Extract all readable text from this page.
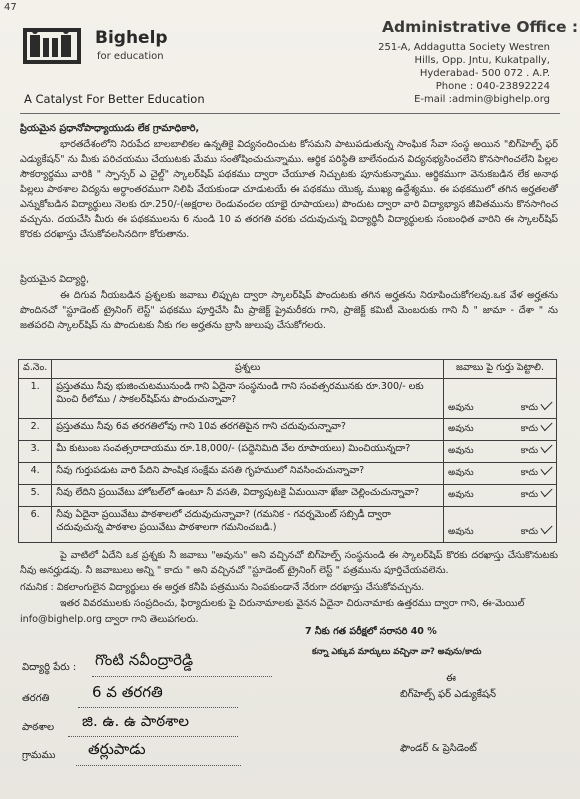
47
Bighelp
for education
A Catalyst For Better Education
Administrative Office :
251-A, Addagutta Society Westren
Hills, Opp. Jntu, Kukatpally,
Hyderabad- 500 072 . A.P.
Phone : 040-23892224
E-mail :admin@bighelp.org
ప్రియమైన ప్రధానోపాధ్యాయుడు లేక గ్రామాధికారి,
భారతదేశంలోని నిరుపేద బాలబాలికల ఉన్నతికై విద్యనందించుట కోసమని పాటుపడుతున్న సాంఘిక సేవా సంస్థ అయిన "బిగ్‌హెల్ప్ ఫర్ ఎడ్యుకేషన్" ను మీకు పరిచయము చేయుటకు మేము సంతోషించుచున్నాము. ఆర్థిక పరిస్థితి బాలేనందున విద్యనభ్యసించలేని కొనసాగించలేని పిల్లల సౌకర్యార్థము వారికి " స్పాన్సర్ ఎ చైల్డ్" స్కాలర్‌షిప్ పథకము ద్వారా చేయూత నిచ్చుటకు పూనుకున్నాము. ఆర్థికముగా వెనుకబడిన లేక అనాథ పిల్లలు పాఠశాల విద్యను అర్ధాంతరముగా నిలిపి వేయకుండా చూడుటయే ఈ పథకము యొక్క ముఖ్య ఉద్దేశ్యము. ఈ పథకములో తగిన అర్హతలతో ఎన్నుకోబడిన విద్యార్థులు నెలకు రూ.250/-(అక్షరాల రెండువందల యాభై రూపాయలు) పొందుట ద్వారా వారి విద్యాభ్యాస జీవితమును కొనసాగించ వచ్చును. దయచేసి మీరు ఈ పథకములను 6 నుండి 10 వ తరగతి వరకు చదువుచున్న విద్యార్థినీ విద్యార్థులకు సంబంధిత వారిని ఈ స్కాలర్‌షిప్ కొరకు దరఖాస్తు చేసుకోవలసినదిగా కోరుతాను.
ప్రియమైన విద్యార్థి,
ఈ దిగువ నీయబడిన ప్రశ్నలకు జవాబు లిప్పుట ద్వారా స్కాలర్‌షిప్ పొందుటకు తగిన అర్హతను నిరూపించుకోగలవు.ఒక వేళ అర్హతను పొందినచో "స్టూడెంట్ ట్రైనింగ్ లెస్ట్" పథకము పూర్తిచేసి మీ ప్రాజెక్ట్ ప్రైమరీకరు గాని, ప్రాజెక్ట్ కమిటీ మెంబరుకు గాని నీ " జామా - దేశా " ను జతపరచి స్కాలర్‌షిప్ ను పొందుటకు నీకు గల అర్హతను బ్రాసి జులుపు చేసుకోగలరు.
వ.నెం.	ప్రశ్నలు	జవాబు పై గుర్తు పెట్టాలి.
1.	ప్రస్తుతము నీవు భుజించుటమునుండి గాని ఏదైనా సంస్థనుండి గాని సంవత్సరమునకు రూ.300/- లకు మించి రీలోము / సాకలర్‌షిప్‌ను పొందుచున్నావా?	అవును కాదు

2.	ప్రస్తుతము నీవు 6వ తరగతిలోవు గాని 10వ తరగతిపైన గాని చదువుచున్నావా?	అవును కాదు

3.	మీ కుటుంబ సంవత్సరాదాయము రూ.18,000/- (పద్దెనిమిది వేల రూపాయలు) మించియున్నదా?	అవును కాదు

4.	నీవు గుర్తుపడుట వారి పేదిని పాంషిక సంక్షేమ వసతి గృహములో నివసించుచున్నావా?	అవును కాదు

5.	నీవు లేదిని ప్రయివేటు హోటల్‌లో ఉంటూ నీ వసతి, విద్యాపుటకై ఏమయినా ఖేజా చెల్లించుచున్నావా?	అవును కాదు

6.	నీవు ఏదైనా ప్రయివేటు పాఠశాలలో చదువుచున్నావా? (గమనిక - గవర్నమెంట్ సబ్సిడీ ద్వారా చదువుచున్న పాఠశాల ప్రయివేటు పాఠశాలగా గమనించబడి.)	అవును కాదు
పై వాటిలో ఏదేని ఒక ప్రశ్నకు నీ జవాబు "అవును" అని వచ్చినచో బిగ్‌హెల్ప్ సంస్థనుండి ఈ స్కాలర్‌షిప్ కొరకు దరఖాస్తు చేసుకొనుటకు నీవు అనర్హుడవు. నీ జవాబులు అన్ని " కాదు " అని వచ్చినచో "స్టూడెంట్ ట్రైనింగ్ లెస్ట్ " పత్రమును పూర్తిచేయవలెను.
గమనిక : వికలాంగులైన విద్యార్థులు ఈ అర్హత కనీపి పత్రమును నింపకుండానే నేరుగా దరఖాస్తు చేసుకోవచ్చును.
ఇతర వివరములకు సంప్రదించు, ఫిర్యాదులకు పై చిరునామాలకు వైనన ఏదైనా చిరునామాకు ఉత్తరము ద్వారా గాని, ఈ-మెయిల్
info@bighelp.org ద్వారా గాని తెలుపగలరు.
7 నీకు గత పరీక్షలో సరాసరి 40 %
కన్నా ఎక్కువ మార్కులు వచ్చినా వా? అవును/కాదు
విద్యార్థి పేరు : గొంటి నవీంద్రారెడ్డి
తరగతి	6 వ తరగతి
పాఠశాల జి. ఉ. ఉ పాఠశాల
గ్రామము తర్లుపాడు
ఈ
బిగ్‌హెల్ప్ ఫర్ ఎడ్యుకేషన్
ఫౌండర్ & ప్రెసిడెంట్
